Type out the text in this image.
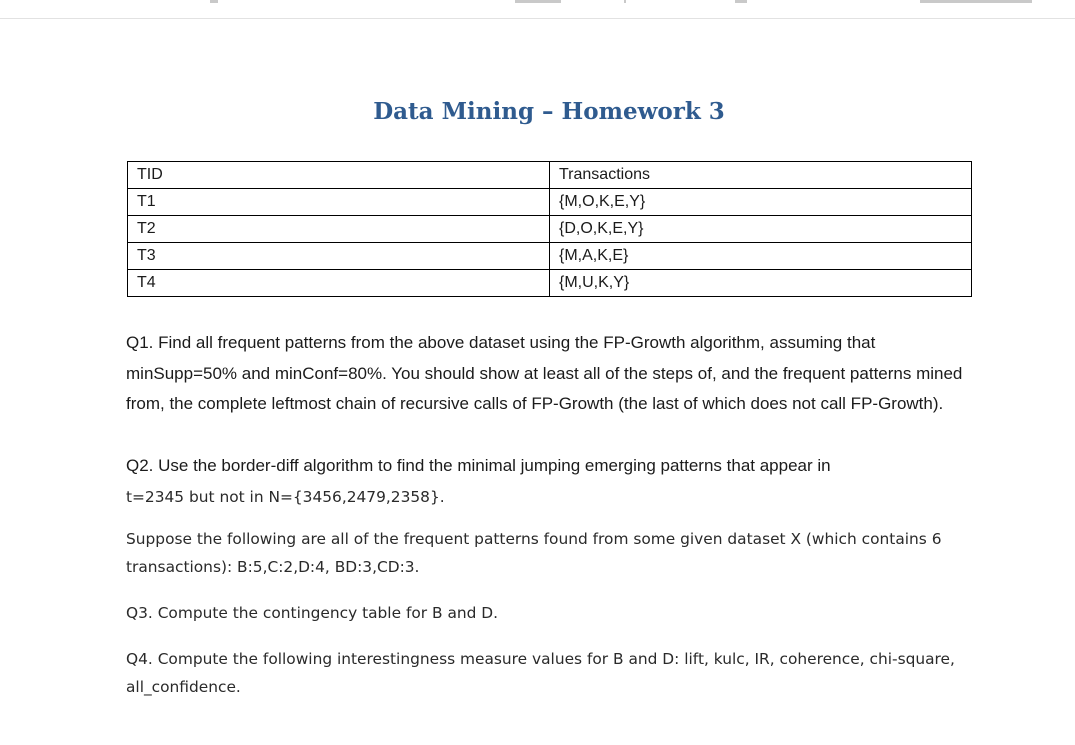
Data Mining – Homework 3
TID	Transactions
T1	{M,O,K,E,Y}
T2	{D,O,K,E,Y}
T3	{M,A,K,E}
T4	{M,U,K,Y}

Q1. Find all frequent patterns from the above dataset using the FP-Growth algorithm, assuming that minSupp=50% and minConf=80%. You should show at least all of the steps of, and the frequent patterns mined from, the complete leftmost chain of recursive calls of FP-Growth (the last of which does not call FP-Growth).

Q2. Use the border-diff algorithm to find the minimal jumping emerging patterns that appear in
t=2345 but not in N={3456,2479,2358}.

Suppose the following are all of the frequent patterns found from some given dataset X (which contains 6 transactions): B:5,C:2,D:4, BD:3,CD:3.

Q3. Compute the contingency table for B and D.

Q4. Compute the following interestingness measure values for B and D: lift, kulc, IR, coherence, chi-square, all_confidence.
